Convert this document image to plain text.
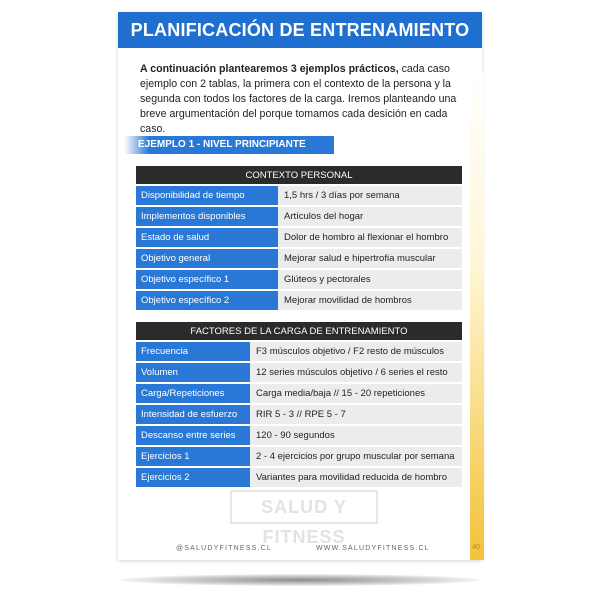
PLANIFICACIÓN DE ENTRENAMIENTO
A continuación plantearemos 3 ejemplos prácticos, cada caso ejemplo con 2 tablas, la primera con el contexto de la persona y la segunda con todos los factores de la carga. Iremos planteando una breve argumentación del porque tomamos cada desición en cada caso.
EJEMPLO 1 - NIVEL PRINCIPIANTE
CONTEXTO PERSONAL	
Disponibilidad de tiempo	1,5 hrs / 3 días por semana
Implementos disponibles	Artículos del hogar
Estado de salud	Dolor de hombro al flexionar el hombro
Objetivo general	Mejorar salud e hipertrofia muscular
Objetivo específico 1	Glúteos y pectorales
Objetivo específico 2	Mejorar movilidad de hombros
FACTORES DE LA CARGA DE ENTRENAMIENTO	
Frecuencia	F3 músculos objetivo / F2 resto de músculos
Volumen	12 series músculos objetivo / 6 series el resto
Carga/Repeticiones	Carga media/baja // 15 - 20 repeticiones
Intensidad de esfuerzo	RIR 5 - 3 // RPE 5 - 7
Descanso entre series	120 - 90 segundos
Ejercicios 1	2 - 4 ejercicios por grupo muscular por semana
Ejercicios 2	Variantes para movilidad reducida de hombro
SALUD Y FITNESS
@SALUDYFITNESS.CL	WWW.SALUDYFITNESS.CL	40
